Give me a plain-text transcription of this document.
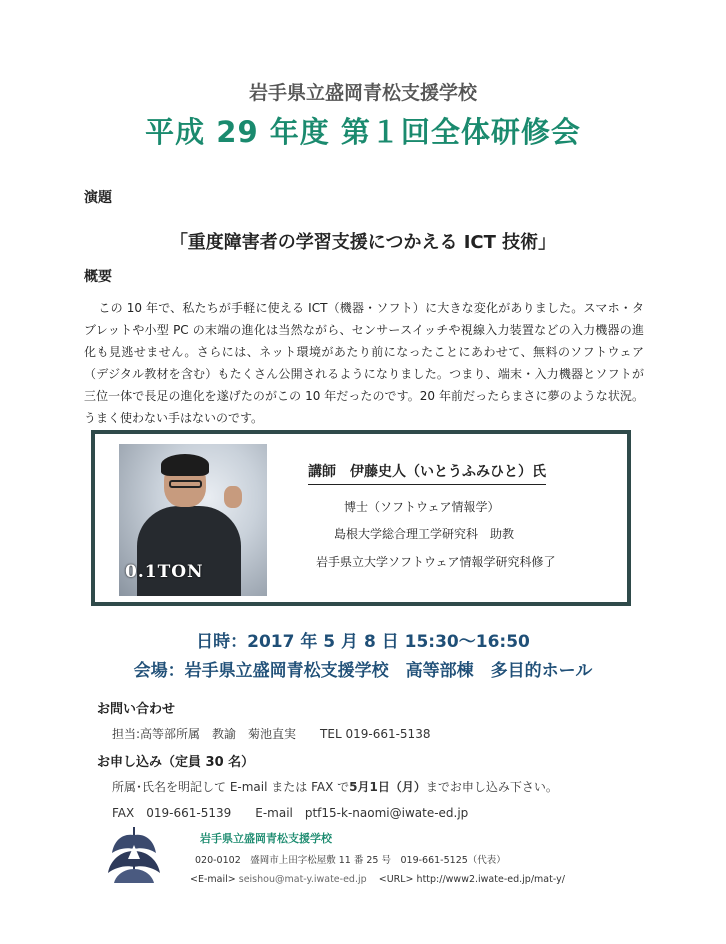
岩手県立盛岡青松支援学校
平成 29 年度 第１回全体研修会
演題
「重度障害者の学習支援につかえる ICT 技術」
概要
この 10 年で、私たちが手軽に使える ICT（機器・ソフト）に大きな変化がありました。スマホ・タブレットや小型 PC の末端の進化は当然ながら、センサースイッチや視線入力装置などの入力機器の進化も見逃せません。さらには、ネット環境があたり前になったことにあわせて、無料のソフトウェア（デジタル教材を含む）もたくさん公開されるようになりました。つまり、端末・入力機器とソフトが三位一体で長足の進化を遂げたのがこの 10 年だったのです。20 年前だったらまさに夢のような状況。うまく使わない手はないのです。
0.1TON
講師　伊藤史人（いとうふみひと）氏
博士（ソフトウェア情報学）
島根大学総合理工学研究科　助教
岩手県立大学ソフトウェア情報学研究科修了
日時：2017 年 5 月 8 日 15:30〜16:50
会場：岩手県立盛岡青松支援学校　高等部棟　多目的ホール
お問い合わせ
担当:高等部所属　教諭　菊池直実　　TEL 019-661-5138
お申し込み（定員 30 名）
所属･氏名を明記して E-mail または FAX で5月1日（月）までお申し込み下さい。
FAX　019-661-5139　　E-mail　ptf15-k-naomi@iwate-ed.jp
岩手県立盛岡青松支援学校
020-0102　盛岡市上田字松屋敷 11 番 25 号　019-661-5125（代表）
<E-mail> seishou@mat-y.iwate-ed.jp <URL> http://www2.iwate-ed.jp/mat-y/
